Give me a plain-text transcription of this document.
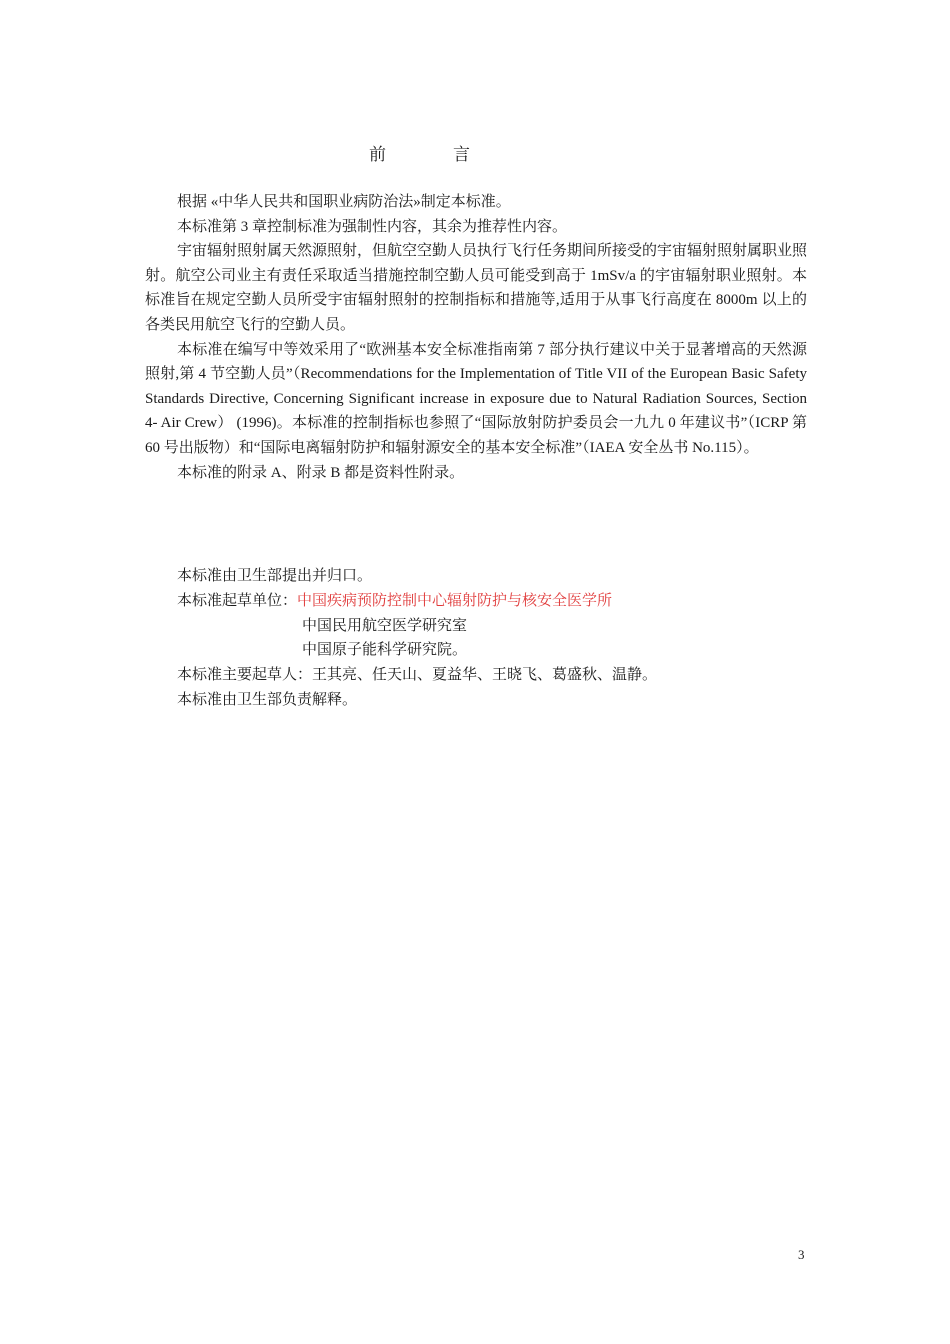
前	言

根据 «中华人民共和国职业病防治法»制定本标准。

本标准第 3 章控制标准为强制性内容，其余为推荐性内容。

宇宙辐射照射属天然源照射，但航空空勤人员执行飞行任务期间所接受的宇宙辐射照射属职业照射。航空公司业主有责任采取适当措施控制空勤人员可能受到高于 1mSv/a 的宇宙辐射职业照射。本标准旨在规定空勤人员所受宇宙辐射照射的控制指标和措施等,适用于从事飞行高度在 8000m 以上的各类民用航空飞行的空勤人员。

本标准在编写中等效采用了“欧洲基本安全标准指南第 7 部分执行建议中关于显著增高的天然源照射,第 4 节空勤人员”（Recommendations for the Implementation of Title VII of the European Basic Safety Standards Directive, Concerning Significant increase in exposure due to Natural Radiation Sources, Section 4- Air Crew） (1996)。本标准的控制指标也参照了“国际放射防护委员会一九九 0 年建议书”（ICRP 第 60 号出版物）和“国际电离辐射防护和辐射源安全的基本安全标准”（IAEA 安全丛书 No.115）。

本标准的附录 A、附录 B 都是资料性附录。

本标准由卫生部提出并归口。
本标准起草单位：中国疾病预防控制中心辐射防护与核安全医学所
中国民用航空医学研究室
中国原子能科学研究院。
本标准主要起草人：王其亮、任天山、夏益华、王晓飞、葛盛秋、温静。
本标准由卫生部负责解释。
3
